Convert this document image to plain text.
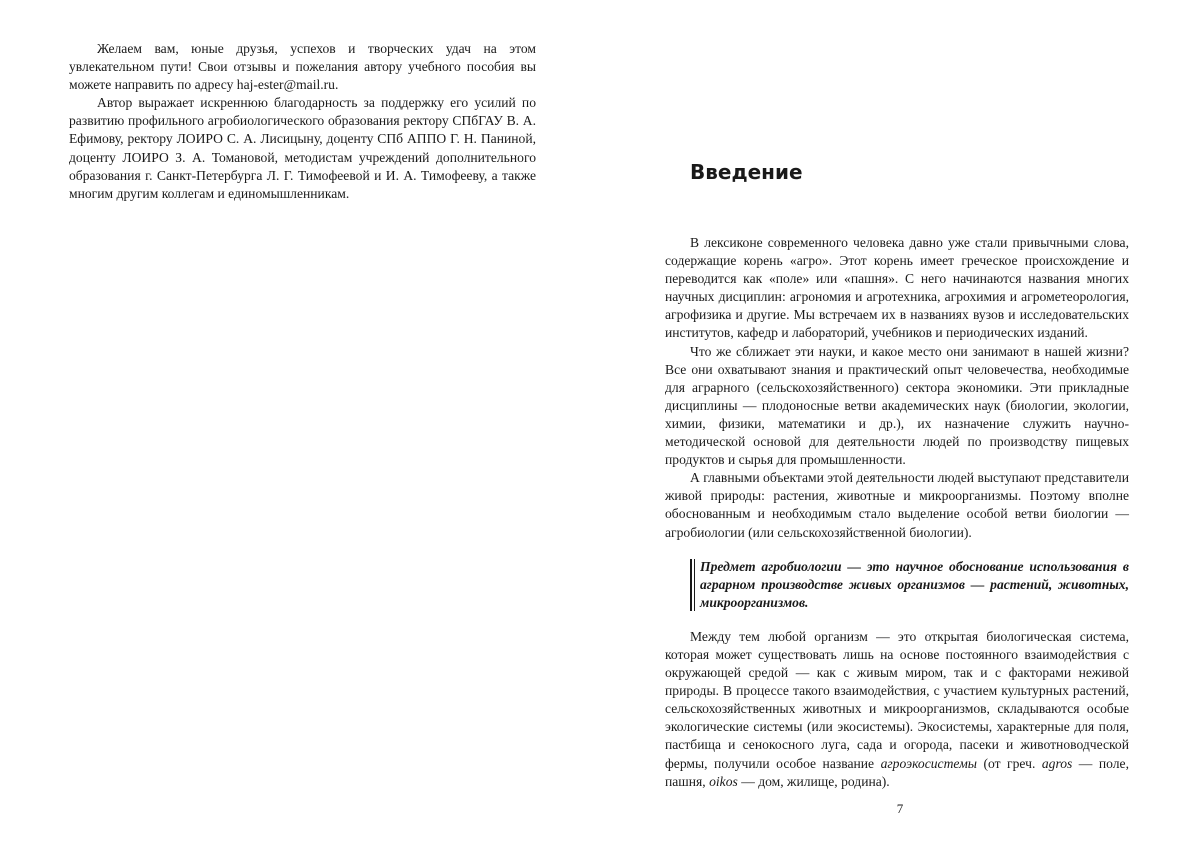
Желаем вам, юные друзья, успехов и творческих удач на этом увлекательном пути! Свои отзывы и пожелания автору учебного пособия вы можете направить по адресу haj-ester@mail.ru.

Автор выражает искреннюю благодарность за поддержку его усилий по развитию профильного агробиологического образования ректору СПбГАУ В. А. Ефимову, ректору ЛОИРО С. А. Лисицыну, доценту СПб АППО Г. Н. Паниной, доценту ЛОИРО З. А. Томановой, методистам учреждений дополнительного образования г. Санкт-Петербурга Л. Г. Тимофеевой и И. А. Тимофееву, а также многим другим коллегам и единомышленникам.

Введение

В лексиконе современного человека давно уже стали привычными слова, содержащие корень «агро». Этот корень имеет греческое происхождение и переводится как «поле» или «пашня». С него начинаются названия многих научных дисциплин: агрономия и агротехника, агрохимия и агрометеорология, агрофизика и другие. Мы встречаем их в названиях вузов и исследовательских институтов, кафедр и лабораторий, учебников и периодических изданий.

Что же сближает эти науки, и какое место они занимают в нашей жизни? Все они охватывают знания и практический опыт человечества, необходимые для аграрного (сельскохозяйственного) сектора экономики. Эти прикладные дисциплины — плодоносные ветви академических наук (биологии, экологии, химии, физики, математики и др.), их назначение служить научно-методической основой для деятельности людей по производству пищевых продуктов и сырья для промышленности.

А главными объектами этой деятельности людей выступают представители живой природы: растения, животные и микроорганизмы. Поэтому вполне обоснованным и необходимым стало выделение особой ветви биологии — агробиологии (или сельскохозяйственной биологии).

Предмет агробиологии — это научное обоснование использования в аграрном производстве живых организмов — растений, животных, микроорганизмов.

Между тем любой организм — это открытая биологическая система, которая может существовать лишь на основе постоянного взаимодействия с окружающей средой — как с живым миром, так и с факторами неживой природы. В процессе такого взаимодействия, с участием культурных растений, сельскохозяйственных животных и микроорганизмов, складываются особые экологические системы (или экосистемы). Экосистемы, характерные для поля, пастбища и сенокосного луга, сада и огорода, пасеки и животноводческой фермы, получили особое название агроэкосистемы (от греч. agros — поле, пашня, oikos — дом, жилище, родина).

7
